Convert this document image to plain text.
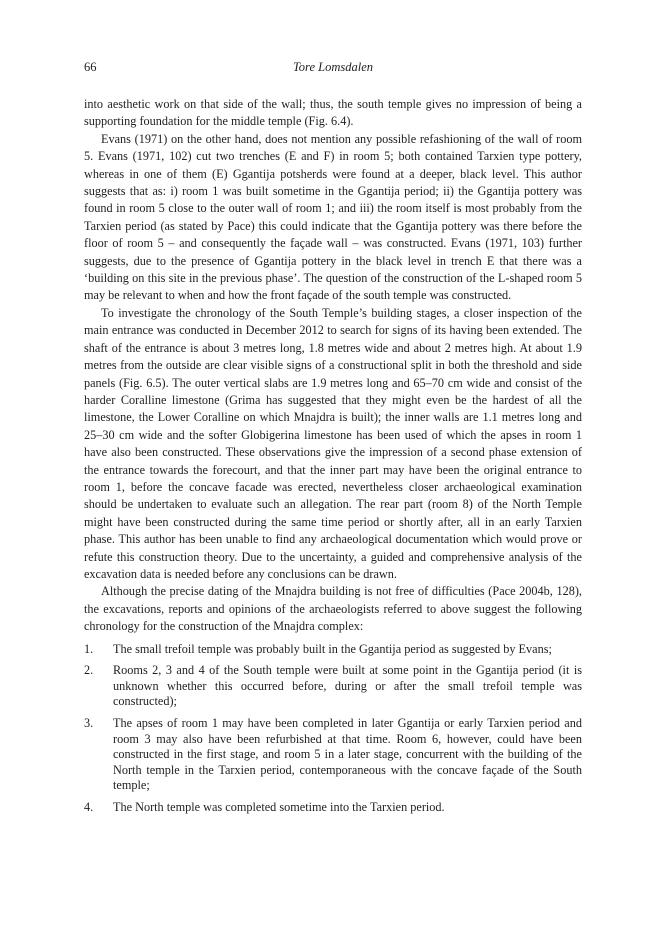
66	Tore Lomsdalen

into aesthetic work on that side of the wall; thus, the south temple gives no impression of being a supporting foundation for the middle temple (Fig. 6.4).

Evans (1971) on the other hand, does not mention any possible refashioning of the wall of room 5. Evans (1971, 102) cut two trenches (E and F) in room 5; both contained Tarxien type pottery, whereas in one of them (E) Ggantija potsherds were found at a deeper, black level. This author suggests that as: i) room 1 was built sometime in the Ggantija period; ii) the Ggantija pottery was found in room 5 close to the outer wall of room 1; and iii) the room itself is most probably from the Tarxien period (as stated by Pace) this could indicate that the Ggantija pottery was there before the floor of room 5 – and consequently the façade wall – was constructed. Evans (1971, 103) further suggests, due to the presence of Ggantija pottery in the black level in trench E that there was a ‘building on this site in the previous phase’. The question of the construction of the L-shaped room 5 may be relevant to when and how the front façade of the south temple was constructed.

To investigate the chronology of the South Temple’s building stages, a closer inspection of the main entrance was conducted in December 2012 to search for signs of its having been extended. The shaft of the entrance is about 3 metres long, 1.8 metres wide and about 2 metres high. At about 1.9 metres from the outside are clear visible signs of a constructional split in both the threshold and side panels (Fig. 6.5). The outer vertical slabs are 1.9 metres long and 65–70 cm wide and consist of the harder Coralline limestone (Grima has suggested that they might even be the hardest of all the limestone, the Lower Coralline on which Mnajdra is built); the inner walls are 1.1 metres long and 25–30 cm wide and the softer Globigerina limestone has been used of which the apses in room 1 have also been constructed. These observations give the impression of a second phase extension of the entrance towards the forecourt, and that the inner part may have been the original entrance to room 1, before the concave facade was erected, nevertheless closer archaeological examination should be undertaken to evaluate such an allegation. The rear part (room 8) of the North Temple might have been constructed during the same time period or shortly after, all in an early Tarxien phase. This author has been unable to find any archaeological documentation which would prove or refute this construction theory. Due to the uncertainty, a guided and comprehensive analysis of the excavation data is needed before any conclusions can be drawn.

Although the precise dating of the Mnajdra building is not free of difficulties (Pace 2004b, 128), the excavations, reports and opinions of the archaeologists referred to above suggest the following chronology for the construction of the Mnajdra complex:

1. The small trefoil temple was probably built in the Ggantija period as suggested by Evans;
2. Rooms 2, 3 and 4 of the South temple were built at some point in the Ggantija period (it is unknown whether this occurred before, during or after the small trefoil temple was constructed);
3. The apses of room 1 may have been completed in later Ggantija or early Tarxien period and room 3 may also have been refurbished at that time. Room 6, however, could have been constructed in the first stage, and room 5 in a later stage, concurrent with the building of the North temple in the Tarxien period, contemporaneous with the concave façade of the South temple;
4. The North temple was completed sometime into the Tarxien period.
